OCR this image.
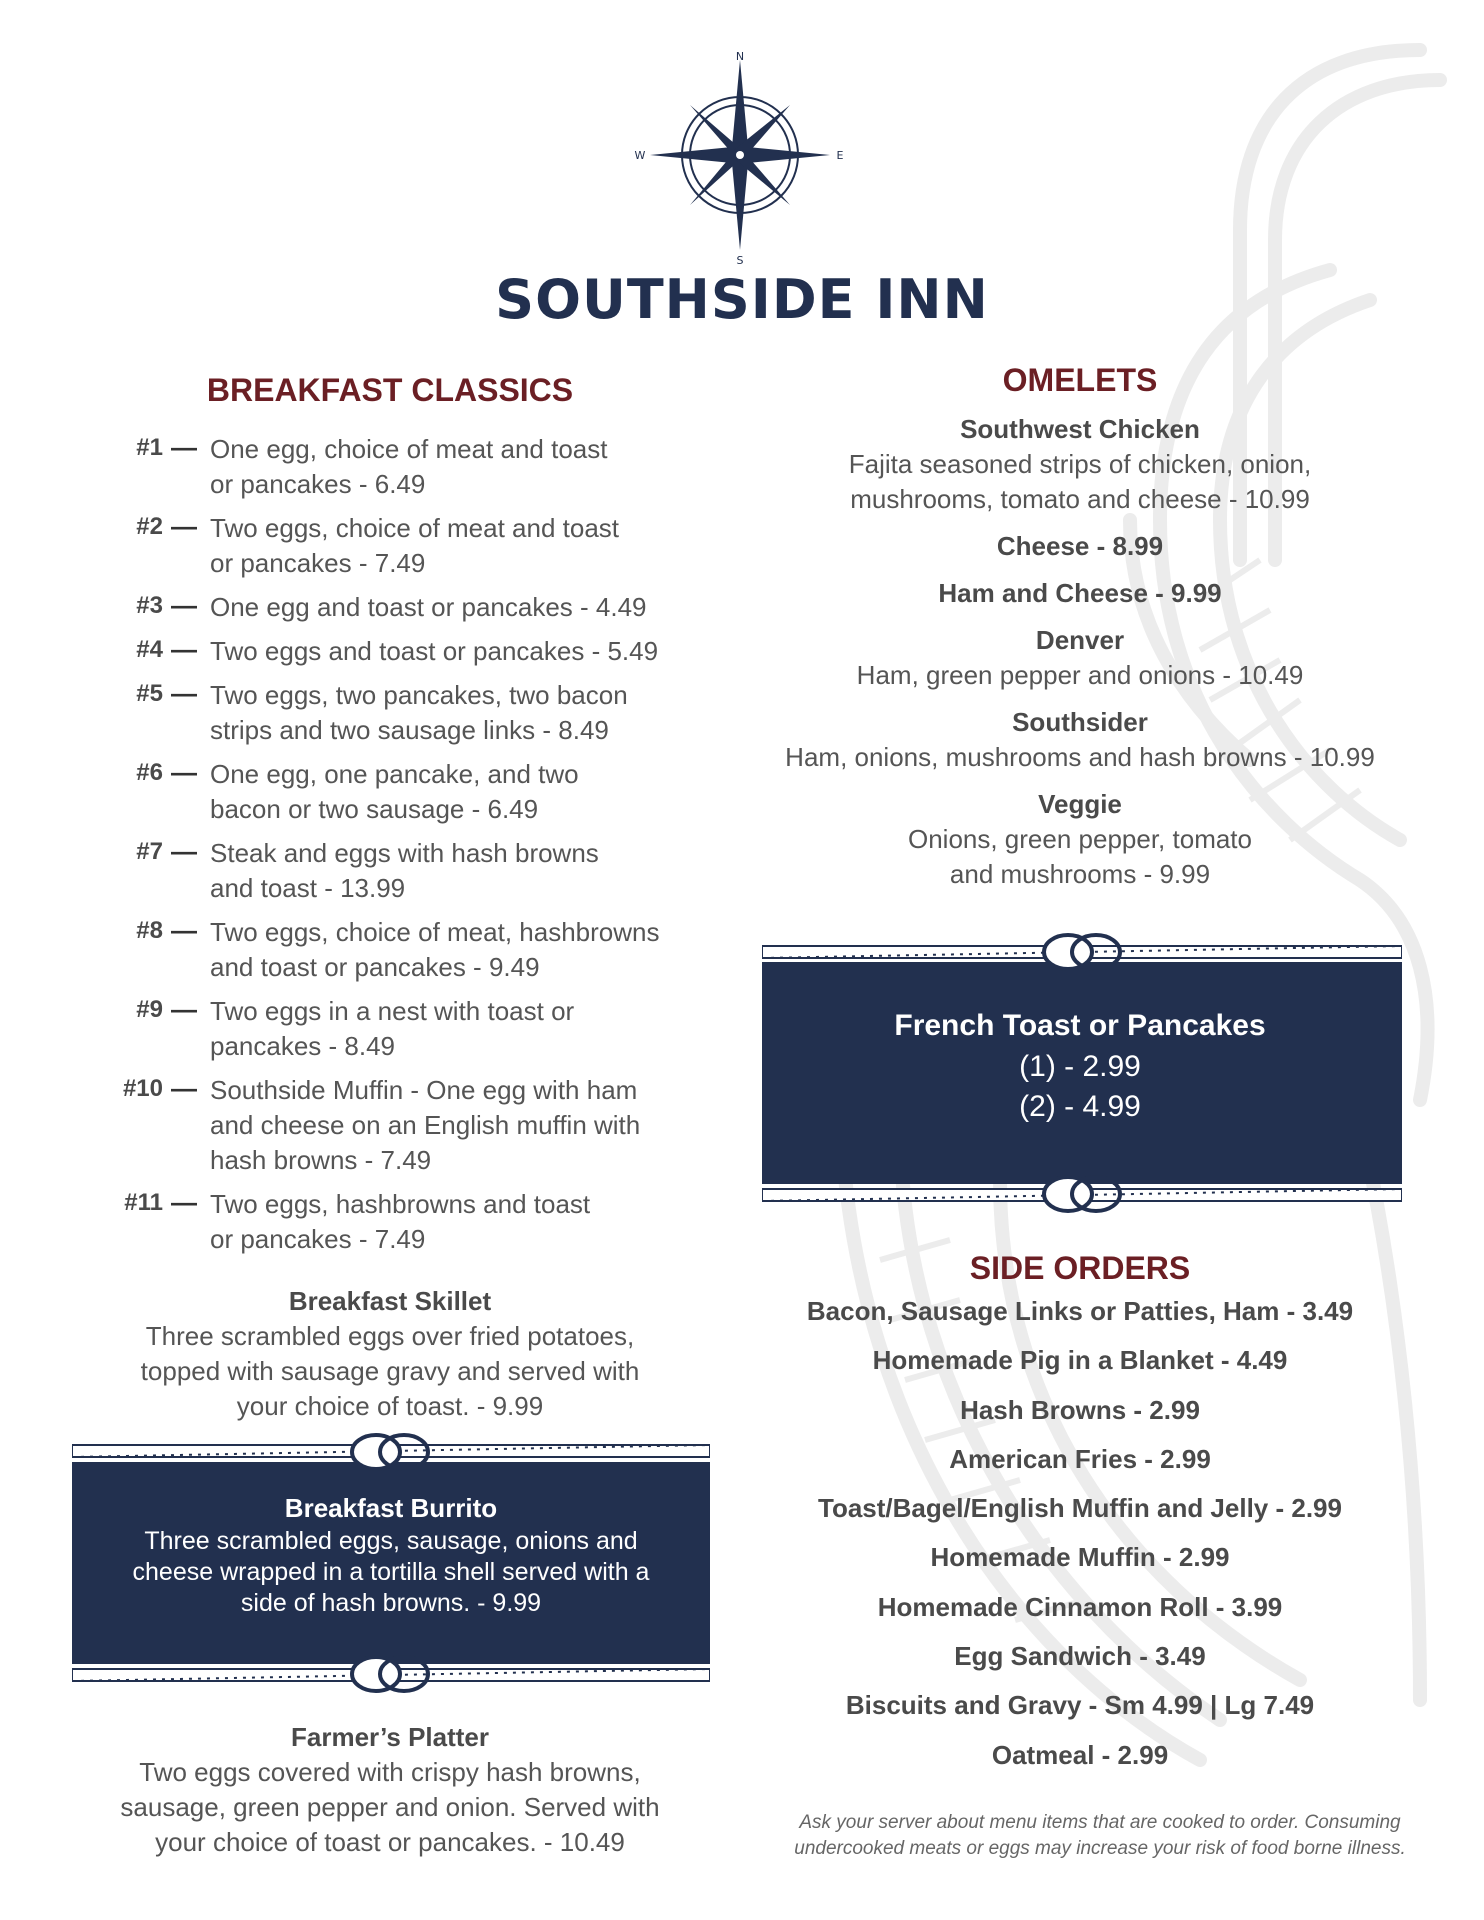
N
S
E
W
SOUTHSIDE INN
BREAKFAST CLASSICS
#1 — One egg, choice of meat and toast
or pancakes - 6.49
#2 — Two eggs, choice of meat and toast
or pancakes - 7.49
#3 — One egg and toast or pancakes - 4.49
#4 — Two eggs and toast or pancakes - 5.49
#5 — Two eggs, two pancakes, two bacon
strips and two sausage links - 8.49
#6 — One egg, one pancake, and two
bacon or two sausage - 6.49
#7 — Steak and eggs with hash browns
and toast - 13.99
#8 — Two eggs, choice of meat, hashbrowns
and toast or pancakes - 9.49
#9 — Two eggs in a nest with toast or
pancakes - 8.49
#10 — Southside Muffin - One egg with ham
and cheese on an English muffin with
hash browns - 7.49
#11 — Two eggs, hashbrowns and toast
or pancakes - 7.49
Breakfast Skillet
Three scrambled eggs over fried potatoes,
topped with sausage gravy and served with
your choice of toast. - 9.99
Breakfast Burrito
Three scrambled eggs, sausage, onions and
cheese wrapped in a tortilla shell served with a
side of hash browns. - 9.99
Farmer’s Platter
Two eggs covered with crispy hash browns,
sausage, green pepper and onion. Served with
your choice of toast or pancakes. - 10.49
OMELETS
Southwest Chicken
Fajita seasoned strips of chicken, onion,
mushrooms, tomato and cheese - 10.99
Cheese - 8.99
Ham and Cheese - 9.99
Denver
Ham, green pepper and onions - 10.49
Southsider
Ham, onions, mushrooms and hash browns - 10.99
Veggie
Onions, green pepper, tomato
and mushrooms - 9.99
French Toast or Pancakes
(1) - 2.99
(2) - 4.99
SIDE ORDERS
Bacon, Sausage Links or Patties, Ham - 3.49
Homemade Pig in a Blanket - 4.49
Hash Browns - 2.99
American Fries - 2.99
Toast/Bagel/English Muffin and Jelly - 2.99
Homemade Muffin - 2.99
Homemade Cinnamon Roll - 3.99
Egg Sandwich - 3.49
Biscuits and Gravy - Sm 4.99 | Lg 7.49
Oatmeal - 2.99
Ask your server about menu items that are cooked to order. Consuming
undercooked meats or eggs may increase your risk of food borne illness.
